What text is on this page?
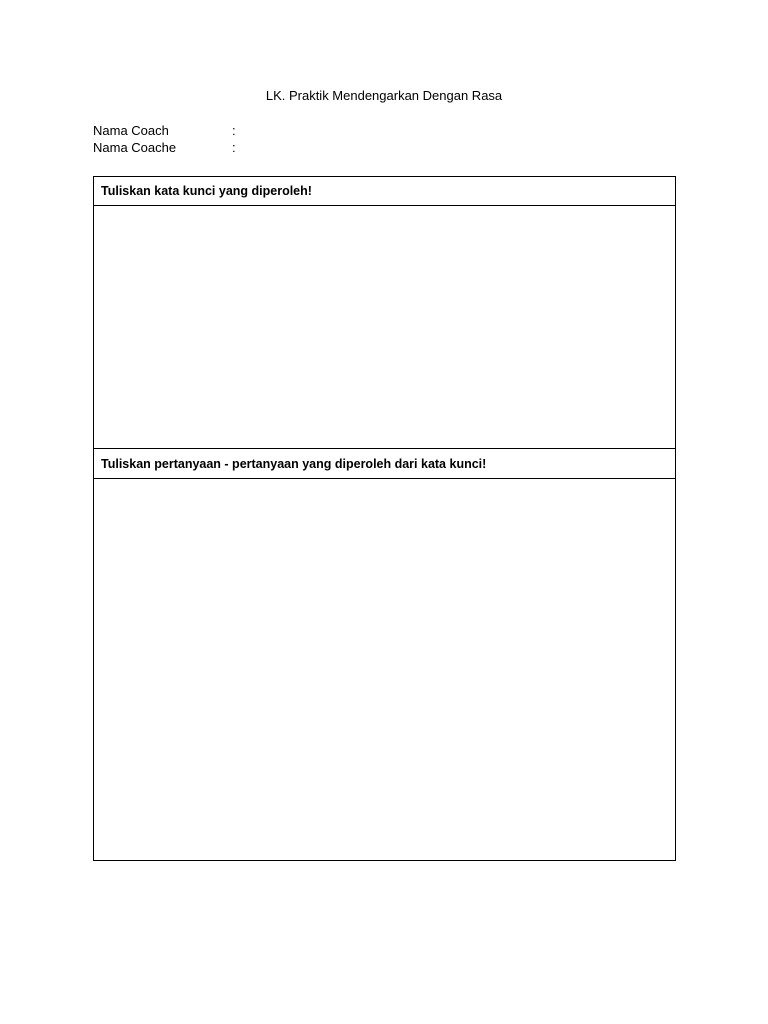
LK. Praktik Mendengarkan Dengan Rasa
Nama Coach	:
Nama Coache	:
Tuliskan kata kunci yang diperoleh!
Tuliskan pertanyaan - pertanyaan yang diperoleh dari kata kunci!
